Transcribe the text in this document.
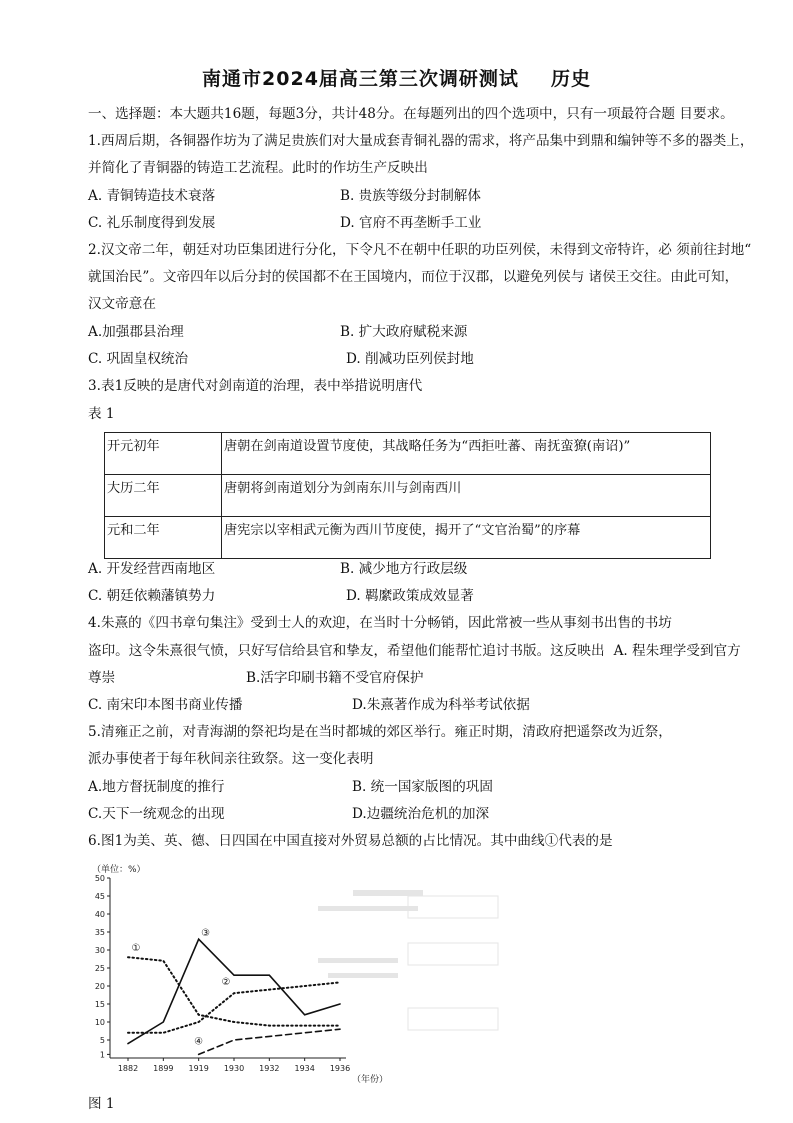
南通市2024届高三第三次调研测试 历史
一、选择题：本大题共16题，每题3分，共计48分。在每题列出的四个选项中，只有一项最符合题 目要求。
1.西周后期，各铜器作坊为了满足贵族们对大量成套青铜礼器的需求，将产品集中到鼎和编钟等不多的器类上，
并简化了青铜器的铸造工艺流程。此时的作坊生产反映出
A. 青铜铸造技术衰落	B. 贵族等级分封制解体
C. 礼乐制度得到发展	D. 官府不再垄断手工业
2.汉文帝二年，朝廷对功臣集团进行分化，下令凡不在朝中任职的功臣列侯，未得到文帝特许，必 须前往封地“
就国治民”。文帝四年以后分封的侯国都不在王国境内，而位于汉郡，以避免列侯与 诸侯王交往。由此可知，
汉文帝意在
A.加强郡县治理	B. 扩大政府赋税来源
C. 巩固皇权统治	D. 削减功臣列侯封地
3.表1反映的是唐代对剑南道的治理，表中举措说明唐代
表 1
开元初年	唐朝在剑南道设置节度使，其战略任务为“西拒吐蕃、南抚蛮獠(南诏)”
大历二年	唐朝将剑南道划分为剑南东川与剑南西川
元和二年	唐宪宗以宰相武元衡为西川节度使，揭开了“文官治蜀”的序幕
A. 开发经营西南地区	B. 减少地方行政层级
C. 朝廷依赖藩镇势力	D. 羁縻政策成效显著
4.朱熹的《四书章句集注》受到士人的欢迎，在当时十分畅销，因此常被一些从事刻书出售的书坊
盗印。这令朱熹很气愤，只好写信给县官和挚友，希望他们能帮忙追讨书版。这反映出 A. 程朱理学受到官方
尊崇	B.活字印刷书籍不受官府保护
C. 南宋印本图书商业传播	D.朱熹著作成为科举考试依据
5.清雍正之前，对青海湖的祭祀均是在当时都城的郊区举行。雍正时期，清政府把遥祭改为近祭，
派办事使者于每年秋间亲往致祭。这一变化表明
A.地方督抚制度的推行	B. 统一国家版图的巩固
C.天下一统观念的出现	D.边疆统治危机的加深
6.图1为美、英、德、日四国在中国直接对外贸易总额的占比情况。其中曲线①代表的是
（单位：%）
（年份）
1
5
10
15
20
25
30
35
40
45
50
1882 1899 1919 1930 1932 1934 1936
①
②
③
④
图 1
